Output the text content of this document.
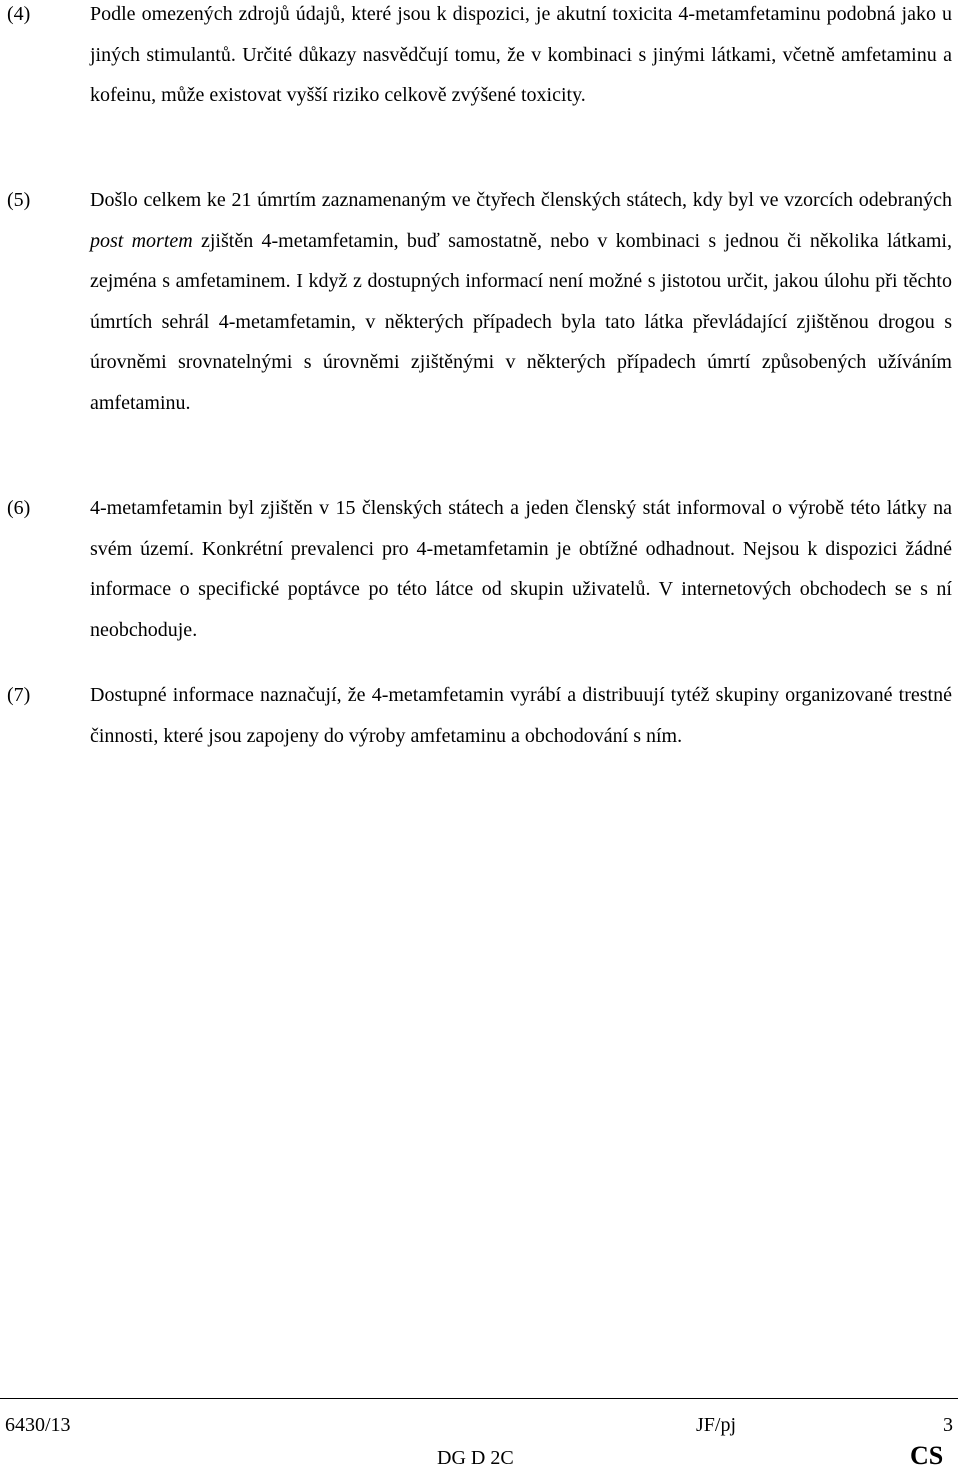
(4)	Podle omezených zdrojů údajů, které jsou k dispozici, je akutní toxicita 4-metamfetaminu podobná jako u jiných stimulantů. Určité důkazy nasvědčují tomu, že v kombinaci s jinými látkami, včetně amfetaminu a kofeinu, může existovat vyšší riziko celkově zvýšené toxicity.
(5)	Došlo celkem ke 21 úmrtím zaznamenaným ve čtyřech členských státech, kdy byl ve vzorcích odebraných post mortem zjištěn 4-metamfetamin, buď samostatně, nebo v kombinaci s jednou či několika látkami, zejména s amfetaminem. I když z dostupných informací není možné s jistotou určit, jakou úlohu při těchto úmrtích sehrál 4-metamfetamin, v některých případech byla tato látka převládající zjištěnou drogou s úrovněmi srovnatelnými s úrovněmi zjištěnými v některých případech úmrtí způsobených užíváním amfetaminu.
(6)	4-metamfetamin byl zjištěn v 15 členských státech a jeden členský stát informoval o výrobě této látky na svém území. Konkrétní prevalenci pro 4-metamfetamin je obtížné odhadnout. Nejsou k dispozici žádné informace o specifické poptávce po této látce od skupin uživatelů. V internetových obchodech se s ní neobchoduje.
(7)	Dostupné informace naznačují, že 4-metamfetamin vyrábí a distribuují tytéž skupiny organizované trestné činnosti, které jsou zapojeny do výroby amfetaminu a obchodování s ním.
6430/13	JF/pj	3
DG D 2C	CS
